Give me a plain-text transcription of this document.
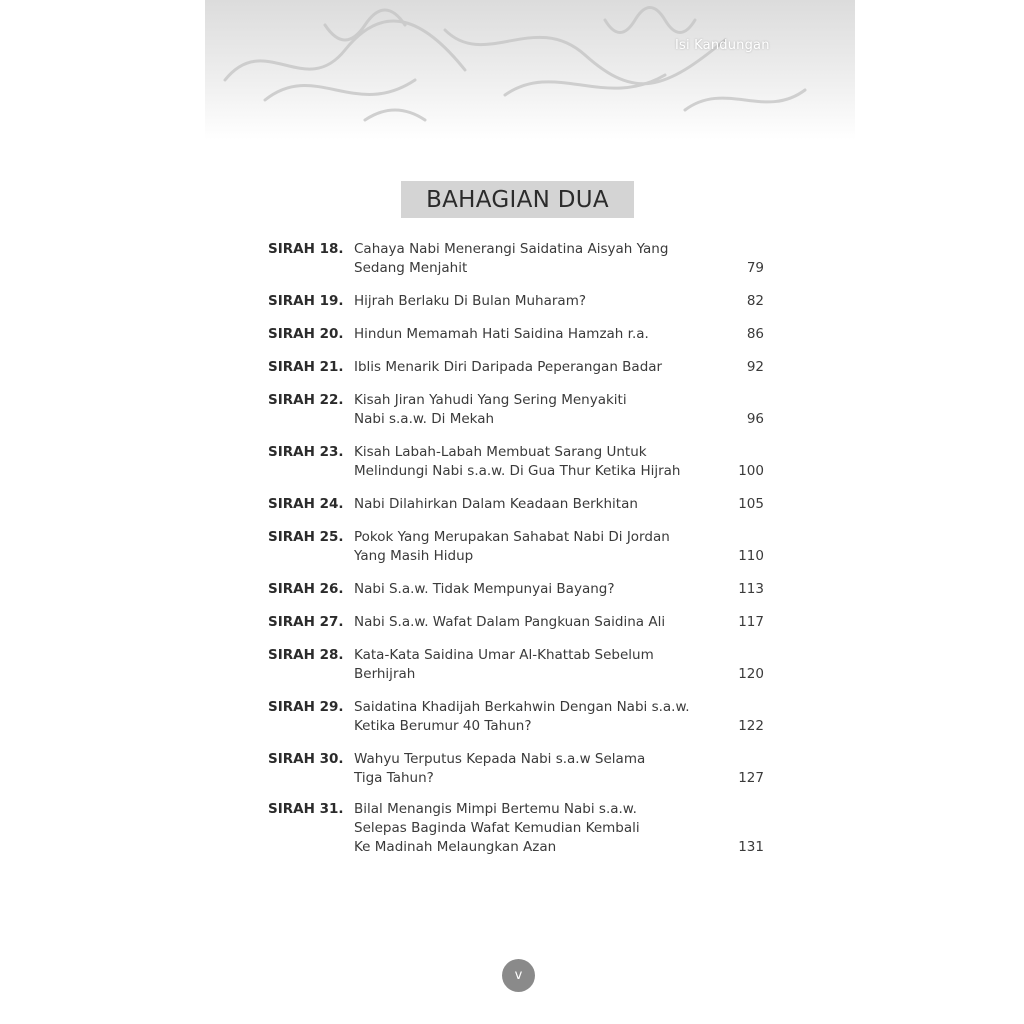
Isi Kandungan
BAHAGIAN DUA
SIRAH 18. Cahaya Nabi Menerangi Saidatina Aisyah Yang
Sedang Menjahit	79
SIRAH 19. Hijrah Berlaku Di Bulan Muharam?	82
SIRAH 20. Hindun Memamah Hati Saidina Hamzah r.a.	86
SIRAH 21. Iblis Menarik Diri Daripada Peperangan Badar	92
SIRAH 22. Kisah Jiran Yahudi Yang Sering Menyakiti
Nabi s.a.w. Di Mekah	96
SIRAH 23. Kisah Labah-Labah Membuat Sarang Untuk
Melindungi Nabi s.a.w. Di Gua Thur Ketika Hijrah	100
SIRAH 24. Nabi Dilahirkan Dalam Keadaan Berkhitan	105
SIRAH 25. Pokok Yang Merupakan Sahabat Nabi Di Jordan
Yang Masih Hidup	110
SIRAH 26. Nabi S.a.w. Tidak Mempunyai Bayang?	113
SIRAH 27. Nabi S.a.w. Wafat Dalam Pangkuan Saidina Ali	117
SIRAH 28. Kata-Kata Saidina Umar Al-Khattab Sebelum
Berhijrah	120
SIRAH 29. Saidatina Khadijah Berkahwin Dengan Nabi s.a.w.
Ketika Berumur 40 Tahun?	122
SIRAH 30. Wahyu Terputus Kepada Nabi s.a.w Selama
Tiga Tahun?	127
SIRAH 31. Bilal Menangis Mimpi Bertemu Nabi s.a.w.
Selepas Baginda Wafat Kemudian Kembali
Ke Madinah Melaungkan Azan	131
v
